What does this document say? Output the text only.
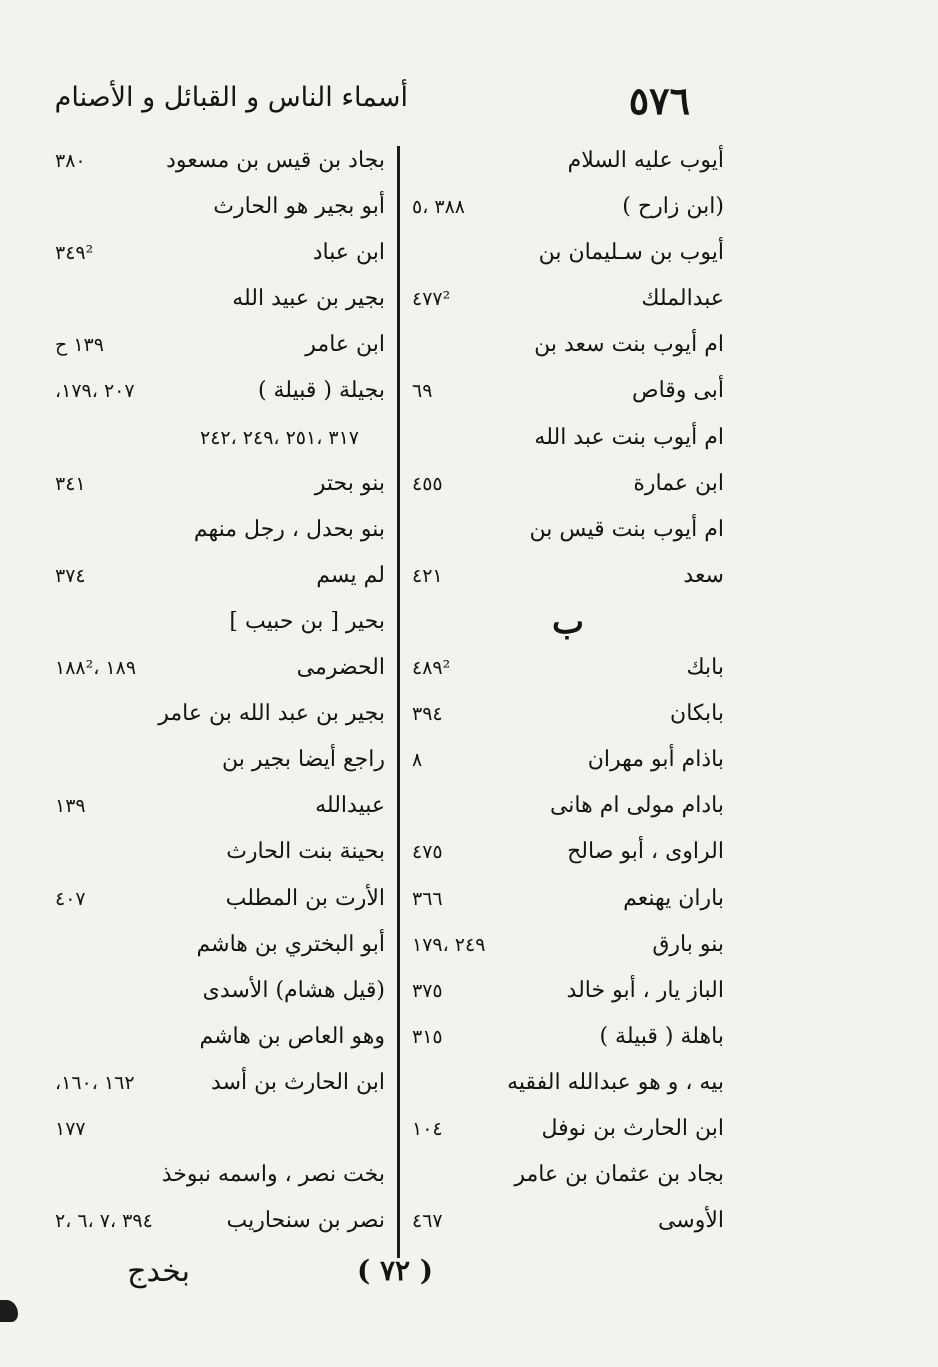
أسماء الناس و القبائل و الأصنام	٥٧٦
أيوب عليه السلام
(ابن زارح )
٣٨٨ ،٥
أيوب بن سـليمان بن
عبدالملك
٤٧٧²
ام أيوب بنت سعد بن
أبى وقاص
٦٩
ام أيوب بنت عبد الله
ابن عمارة
٤٥٥
ام أيوب بنت قيس بن
سعد
٤٢١
ب
بابك
٤٨٩²
بابكان
٣٩٤
باذام أبو مهران
٨
بادام مولى ام هانى
الراوى ، أبو صالح
٤٧٥
باران يهنعم
٣٦٦
بنو بارق
٢٤٩ ،١٧٩
الباز يار ، أبو خالد
٣٧٥
باهلة ( قبيلة )
٣١٥
بيه ، و هو عبدالله الفقيه
ابن الحارث بن نوفل
١٠٤
بجاد بن عثمان بن عامر
الأوسى
٤٦٧
بجاد بن قيس بن مسعود
٣٨٠
أبو بجير هو الحارث
ابن عباد
٣٤٩²
بجير بن عبيد الله
ابن عامر
١٣٩ ح
بجيلة ( قبيلة )
٢٠٧ ،١٧٩،
٣١٧ ،٢٥١ ،٢٤٩ ،٢٤٢
بنو بحتر
٣٤١
بنو بحدل ، رجل منهم
لم يسم
٣٧٤
بحير [ بن حبيب ]
الحضرمى
١٨٩ ،١٨٨²
بجير بن عبد الله بن عامر
راجع أيضا بجير بن
عبيدالله
١٣٩
بحينة بنت الحارث
الأرت بن المطلب
٤٠٧
أبو البختري بن هاشم
(قيل هشام) الأسدى
وهو العاص بن هاشم
ابن الحارث بن أسد
١٦٢ ،١٦٠،
١٧٧
بخت نصر ، واسمه نبوخذ
نصر بن سنحاريب
٣٩٤ ،٧ ،٦ ،٢
( ٧٢ )
بخدج
